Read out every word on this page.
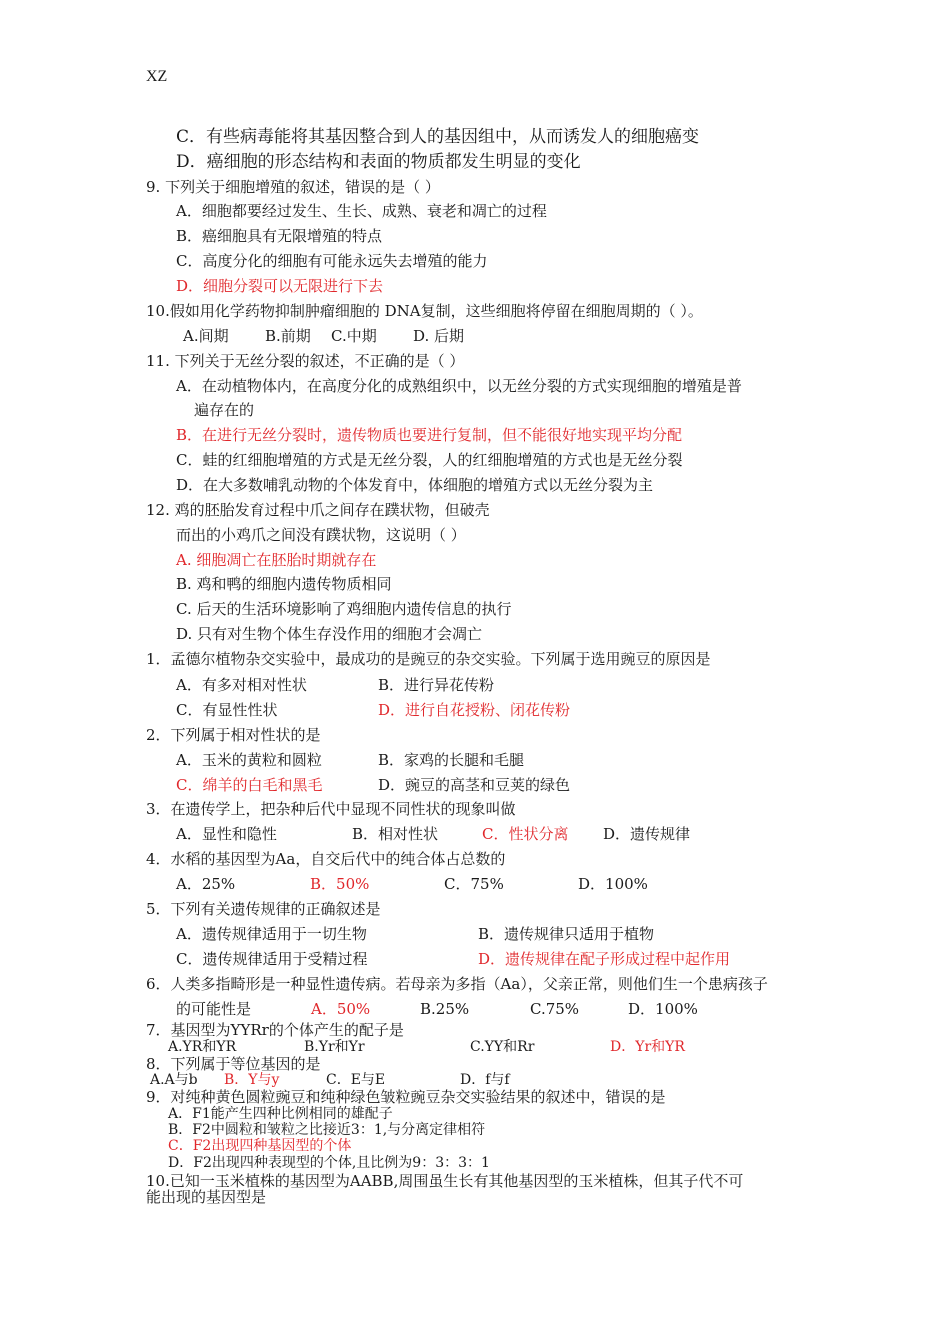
XZ
C．有些病毒能将其基因整合到人的基因组中，从而诱发人的细胞癌变
D．癌细胞的形态结构和表面的物质都发生明显的变化
9. 下列关于细胞增殖的叙述，错误的是（ ）
A．细胞都要经过发生、生长、成熟、衰老和凋亡的过程
B．癌细胞具有无限增殖的特点
C．高度分化的细胞有可能永远失去增殖的能力
D．细胞分裂可以无限进行下去
10.假如用化学药物抑制肿瘤细胞的 DNA复制，这些细胞将停留在细胞周期的（ ）。
A.间期 B.前期 C.中期 D. 后期
11. 下列关于无丝分裂的叙述，不正确的是（ ）
A．在动植物体内，在高度分化的成熟组织中，以无丝分裂的方式实现细胞的增殖是普
遍存在的
B．在进行无丝分裂时，遗传物质也要进行复制，但不能很好地实现平均分配
C．蛙的红细胞增殖的方式是无丝分裂，人的红细胞增殖的方式也是无丝分裂
D．在大多数哺乳动物的个体发育中，体细胞的增殖方式以无丝分裂为主
12. 鸡的胚胎发育过程中爪之间存在蹼状物，但破壳
而出的小鸡爪之间没有蹼状物，这说明（ ）
A. 细胞凋亡在胚胎时期就存在
B. 鸡和鸭的细胞内遗传物质相同
C. 后天的生活环境影响了鸡细胞内遗传信息的执行
D. 只有对生物个体生存没作用的细胞才会凋亡
1．孟德尔植物杂交实验中，最成功的是豌豆的杂交实验。下列属于选用豌豆的原因是
A．有多对相对性状	B．进行异花传粉
C．有显性性状	D．进行自花授粉、闭花传粉
2．下列属于相对性状的是
A．玉米的黄粒和圆粒	B．家鸡的长腿和毛腿
C．绵羊的白毛和黑毛	D．豌豆的高茎和豆荚的绿色
3．在遗传学上，把杂种后代中显现不同性状的现象叫做
A．显性和隐性	B．相对性状	C．性状分离 D．遗传规律
4．水稻的基因型为Aa，自交后代中的纯合体占总数的
A．25%	B．50%	C．75%	D．100%
5．下列有关遗传规律的正确叙述是
A．遗传规律适用于一切生物	B．遗传规律只适用于植物
C．遗传规律适用于受精过程	D．遗传规律在配子形成过程中起作用
6．人类多指畸形是一种显性遗传病。若母亲为多指（Aa），父亲正常，则他们生一个患病孩子
的可能性是	A．50%	B.25%	C.75%	D．100%
7．基因型为YYRr的个体产生的配子是
A.YR和YR	B.Yr和Yr	C.YY和Rr	D．Yr和YR
8．下列属于等位基因的是
A.A与b B．Y与y	C．E与E	D．f与f
9．对纯种黄色圆粒豌豆和纯种绿色皱粒豌豆杂交实验结果的叙述中，错误的是
A．F1能产生四种比例相同的雄配子
B．F2中圆粒和皱粒之比接近3：1,与分离定律相符
C．F2出现四种基因型的个体
D．F2出现四种表现型的个体,且比例为9：3：3：1
10.已知一玉米植株的基因型为AABB,周围虽生长有其他基因型的玉米植株，但其子代不可
能出现的基因型是
